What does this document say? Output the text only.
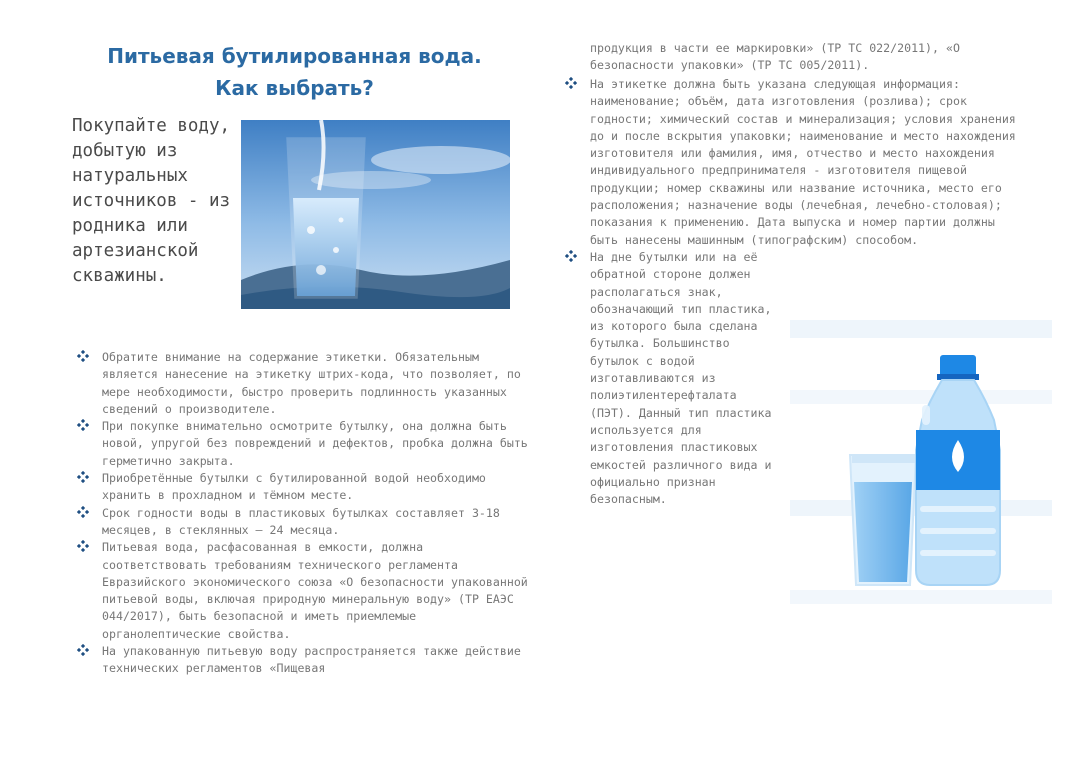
Питьевая бутилированная вода.
Как выбрать?

Покупайте воду, добытую из натуральных источников - из родника или артезианской скважины.

Обратите внимание на содержание этикетки. Обязательным является нанесение на этикетку штрих-кода, что позволяет, по мере необходимости, быстро проверить подлинность указанных сведений о производителе.
При покупке внимательно осмотрите бутылку, она должна быть новой, упругой без повреждений и дефектов, пробка должна быть герметично закрыта.
Приобретённые бутылки с бутилированной водой необходимо хранить в прохладном и тёмном месте.
Срок годности воды в пластиковых бутылках составляет 3-18 месяцев, в стеклянных – 24 месяца.
Питьевая вода, расфасованная в емкости, должна соответствовать требованиям технического регламента Евразийского экономического союза «О безопасности упакованной питьевой воды, включая природную минеральную воду» (ТР ЕАЭС 044/2017), быть безопасной и иметь приемлемые органолептические свойства.
На упакованную питьевую воду распространяется также действие технических регламентов «Пищевая

продукция в части ее маркировки» (ТР ТС 022/2011), «О безопасности упаковки» (ТР ТС 005/2011).

На этикетке должна быть указана следующая информация: наименование; объём, дата изготовления (розлива); срок годности; химический состав и минерализация; условия хранения до и после вскрытия упаковки; наименование и место нахождения изготовителя или фамилия, имя, отчество и место нахождения индивидуального предпринимателя - изготовителя пищевой продукции; номер скважины или название источника, место его расположения; назначение воды (лечебная, лечебно-столовая); показания к применению. Дата выпуска и номер партии должны быть нанесены машинным (типографским) способом.
На дне бутылки или на её обратной стороне должен располагаться знак, обозначающий тип пластика, из которого была сделана бутылка. Большинство бутылок с водой изготавливаются из полиэтилентерефталата (ПЭТ). Данный тип пластика используется для изготовления пластиковых емкостей различного вида и официально признан безопасным.
